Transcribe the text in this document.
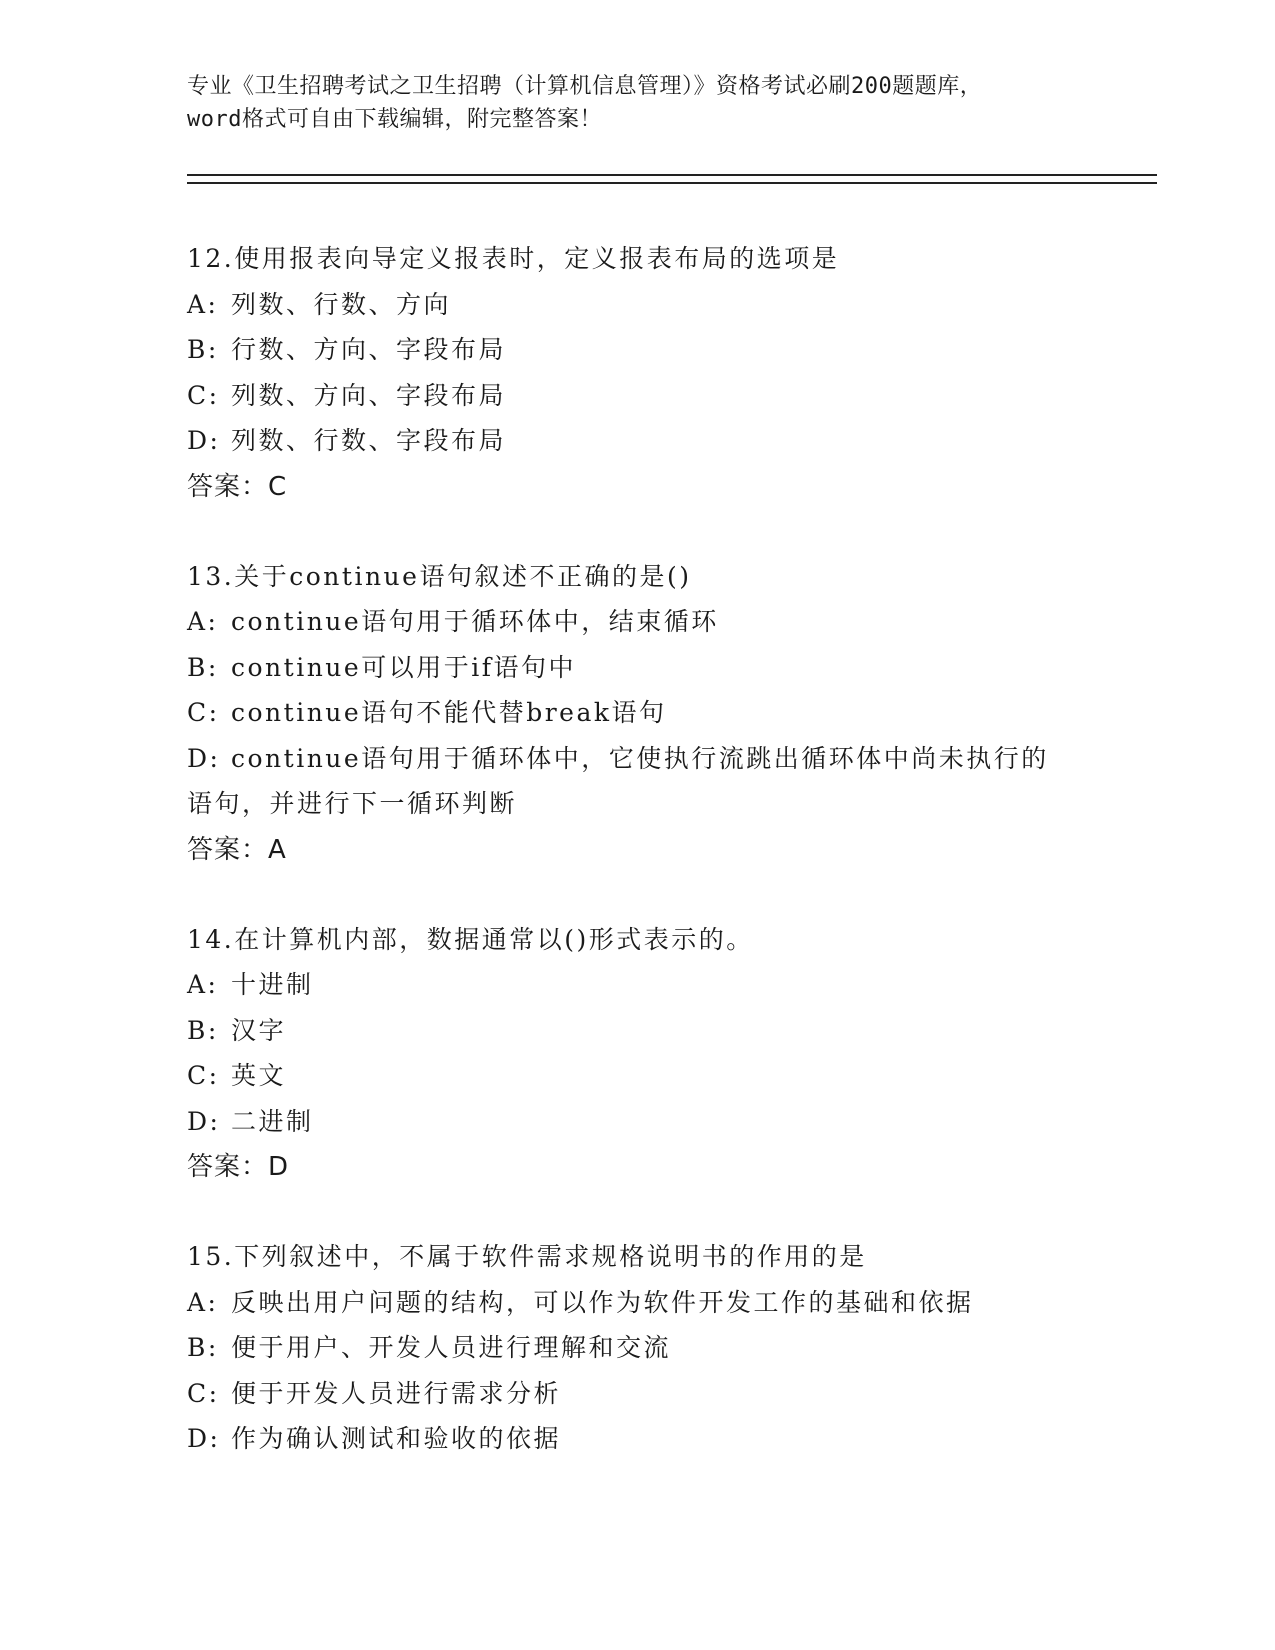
专业《卫生招聘考试之卫生招聘（计算机信息管理）》资格考试必刷200题题库，
word格式可自由下载编辑，附完整答案！
12.使用报表向导定义报表时，定义报表布局的选项是
A: 列数、行数、方向
B: 行数、方向、字段布局
C: 列数、方向、字段布局
D: 列数、行数、字段布局
答案：C
13.关于continue语句叙述不正确的是()
A: continue语句用于循环体中，结束循环
B: continue可以用于if语句中
C: continue语句不能代替break语句
D: continue语句用于循环体中，它使执行流跳出循环体中尚未执行的
语句，并进行下一循环判断
答案：A
14.在计算机内部，数据通常以()形式表示的。
A: 十进制
B: 汉字
C: 英文
D: 二进制
答案：D
15.下列叙述中，不属于软件需求规格说明书的作用的是
A: 反映出用户问题的结构，可以作为软件开发工作的基础和依据
B: 便于用户、开发人员进行理解和交流
C: 便于开发人员进行需求分析
D: 作为确认测试和验收的依据
